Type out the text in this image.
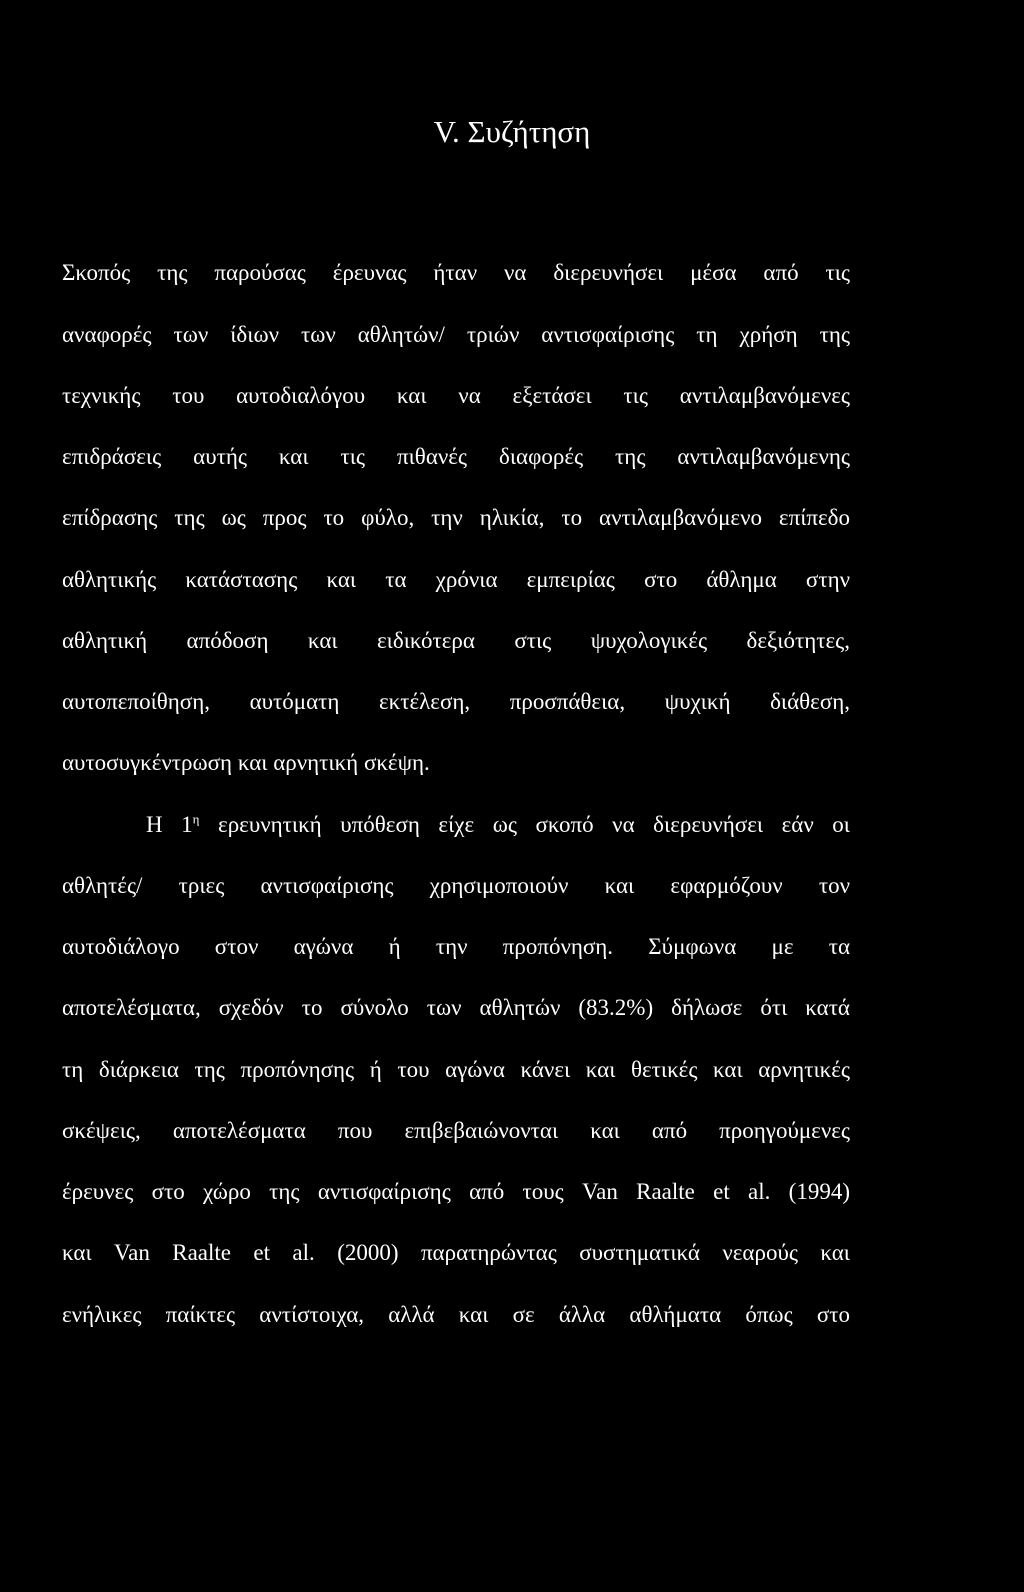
V. Συζήτηση
Σκοπός της παρούσας έρευνας ήταν να διερευνήσει μέσα από τις
αναφορές των ίδιων των αθλητών/ τριών αντισφαίρισης τη χρήση της
τεχνικής του αυτοδιαλόγου και να εξετάσει τις αντιλαμβανόμενες
επιδράσεις αυτής και τις πιθανές διαφορές της αντιλαμβανόμενης
επίδρασης της ως προς το φύλο, την ηλικία, το αντιλαμβανόμενο επίπεδο
αθλητικής κατάστασης και τα χρόνια εμπειρίας στο άθλημα στην
αθλητική απόδοση και ειδικότερα στις ψυχολογικές δεξιότητες,
αυτοπεποίθηση, αυτόματη εκτέλεση, προσπάθεια, ψυχική διάθεση,
αυτοσυγκέντρωση και αρνητική σκέψη.
Η $1^\eta$ ερευνητική υπόθεση είχε ως σκοπό να διερευνήσει εάν οι
αθλητές/ τριες αντισφαίρισης χρησιμοποιούν και εφαρμόζουν τον
αυτοδιάλογο στον αγώνα ή την προπόνηση. Σύμφωνα με τα
αποτελέσματα, σχεδόν το σύνολο των αθλητών (83.2%) δήλωσε ότι κατά
τη διάρκεια της προπόνησης ή του αγώνα κάνει και θετικές και αρνητικές
σκέψεις, αποτελέσματα που επιβεβαιώνονται και από προηγούμενες
έρευνες στο χώρο της αντισφαίρισης από τους Van Raalte et al. (1994)
και Van Raalte et al. (2000) παρατηρώντας συστηματικά νεαρούς και
ενήλικες παίκτες αντίστοιχα, αλλά και σε άλλα αθλήματα όπως στο
